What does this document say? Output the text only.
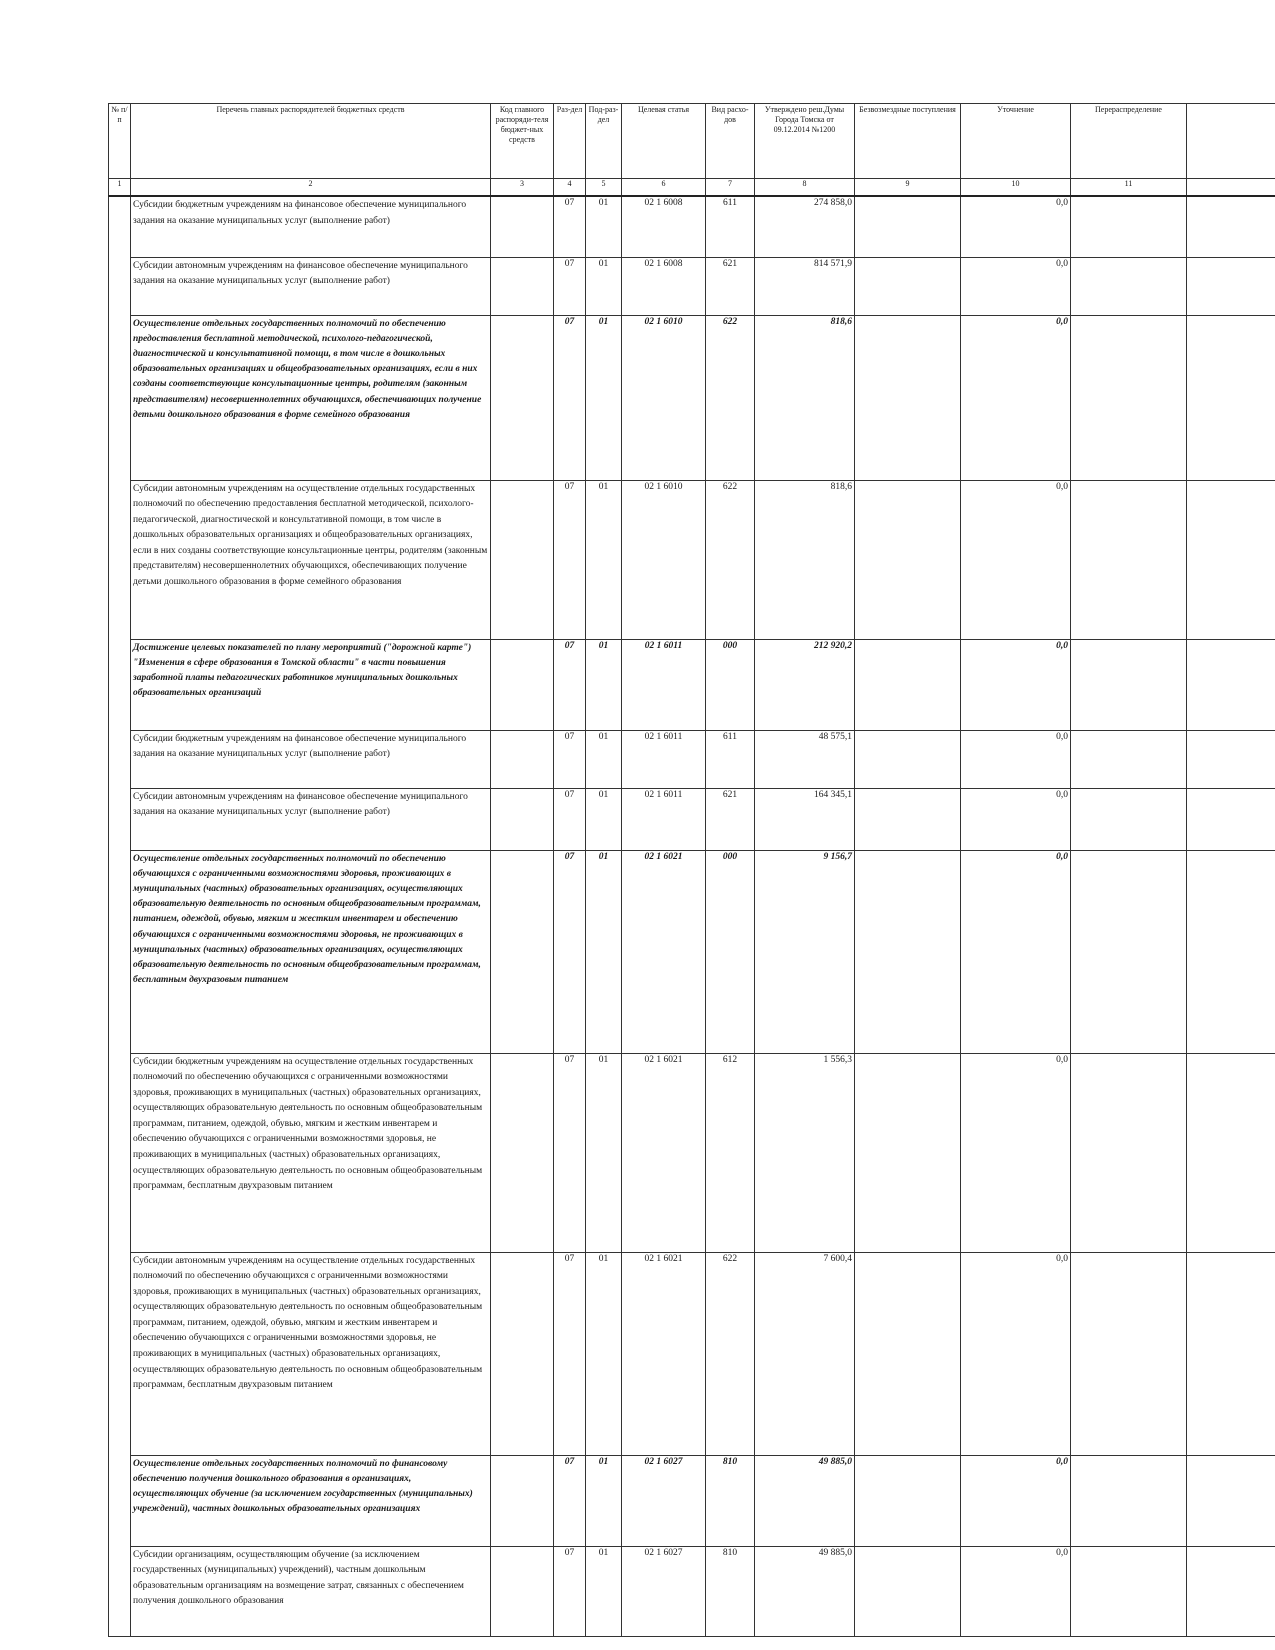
№ п/п	Перечень главных распорядителей бюджетных средств	Код главного распоряди-теля бюджет-ных средств	Раз-дел	Под-раз-дел	Целевая статья	Вид расхо-дов	Утверждено реш.Думы Города Томска от 09.12.2014 №1200	Безвозмездные поступления	Уточнение	Перераспределение	
1	2	3	4	5	6	7	8	9	10	11	
	Субсидии бюджетным учреждениям на финансовое обеспечение муниципального задания на оказание муниципальных услуг (выполнение работ)		07	01	02 1 6008	611	274 858,0		0,0		
	Субсидии автономным учреждениям на финансовое обеспечение муниципального задания на оказание муниципальных услуг (выполнение работ)		07	01	02 1 6008	621	814 571,9		0,0		
	Осуществление отдельных государственных полномочий по обеспечению предоставления бесплатной методической, психолого-педагогической, диагностической и консультативной помощи, в том числе в дошкольных образовательных организациях и общеобразовательных организациях, если в них созданы соответствующие консультационные центры, родителям (законным представителям) несовершеннолетних обучающихся, обеспечивающих получение детьми дошкольного образования в форме семейного образования		07	01	02 1 6010	622	818,6		0,0		
	Субсидии автономным учреждениям на осуществление отдельных государственных полномочий по обеспечению предоставления бесплатной методической, психолого-педагогической, диагностической и консультативной помощи, в том числе в дошкольных образовательных организациях и общеобразовательных организациях, если в них созданы соответствующие консультационные центры, родителям (законным представителям) несовершеннолетних обучающихся, обеспечивающих получение детьми дошкольного образования в форме семейного образования		07	01	02 1 6010	622	818,6		0,0		
	Достижение целевых показателей по плану мероприятий ("дорожной карте") "Изменения в сфере образования в Томской области" в части повышения заработной платы педагогических работников муниципальных дошкольных образовательных организаций		07	01	02 1 6011	000	212 920,2		0,0		
	Субсидии бюджетным учреждениям на финансовое обеспечение муниципального задания на оказание муниципальных услуг (выполнение работ)		07	01	02 1 6011	611	48 575,1		0,0		
	Субсидии автономным учреждениям на финансовое обеспечение муниципального задания на оказание муниципальных услуг (выполнение работ)		07	01	02 1 6011	621	164 345,1		0,0		
	Осуществление отдельных государственных полномочий по обеспечению обучающихся с ограниченными возможностями здоровья, проживающих в муниципальных (частных) образовательных организациях, осуществляющих образовательную деятельность по основным общеобразовательным программам, питанием, одеждой, обувью, мягким и жестким инвентарем и обеспечению обучающихся с ограниченными возможностями здоровья, не проживающих в муниципальных (частных) образовательных организациях, осуществляющих образовательную деятельность по основным общеобразовательным программам, бесплатным двухразовым питанием		07	01	02 1 6021	000	9 156,7		0,0		
	Субсидии бюджетным учреждениям на осуществление отдельных государственных полномочий по обеспечению обучающихся с ограниченными возможностями здоровья, проживающих в муниципальных (частных) образовательных организациях, осуществляющих образовательную деятельность по основным общеобразовательным программам, питанием, одеждой, обувью, мягким и жестким инвентарем и обеспечению обучающихся с ограниченными возможностями здоровья, не проживающих в муниципальных (частных) образовательных организациях, осуществляющих образовательную деятельность по основным общеобразовательным программам, бесплатным двухразовым питанием		07	01	02 1 6021	612	1 556,3		0,0		
	Субсидии автономным учреждениям на осуществление отдельных государственных полномочий по обеспечению обучающихся с ограниченными возможностями здоровья, проживающих в муниципальных (частных) образовательных организациях, осуществляющих образовательную деятельность по основным общеобразовательным программам, питанием, одеждой, обувью, мягким и жестким инвентарем и обеспечению обучающихся с ограниченными возможностями здоровья, не проживающих в муниципальных (частных) образовательных организациях, осуществляющих образовательную деятельность по основным общеобразовательным программам, бесплатным двухразовым питанием		07	01	02 1 6021	622	7 600,4		0,0		
	Осуществление отдельных государственных полномочий по финансовому обеспечению получения дошкольного образования в организациях, осуществляющих обучение (за исключением государственных (муниципальных) учреждений), частных дошкольных образовательных организациях		07	01	02 1 6027	810	49 885,0		0,0		
	Субсидии организациям, осуществляющим обучение (за исключением государственных (муниципальных) учреждений), частным дошкольным образовательным организациям на возмещение затрат, связанных с обеспечением получения дошкольного образования		07	01	02 1 6027	810	49 885,0		0,0		
